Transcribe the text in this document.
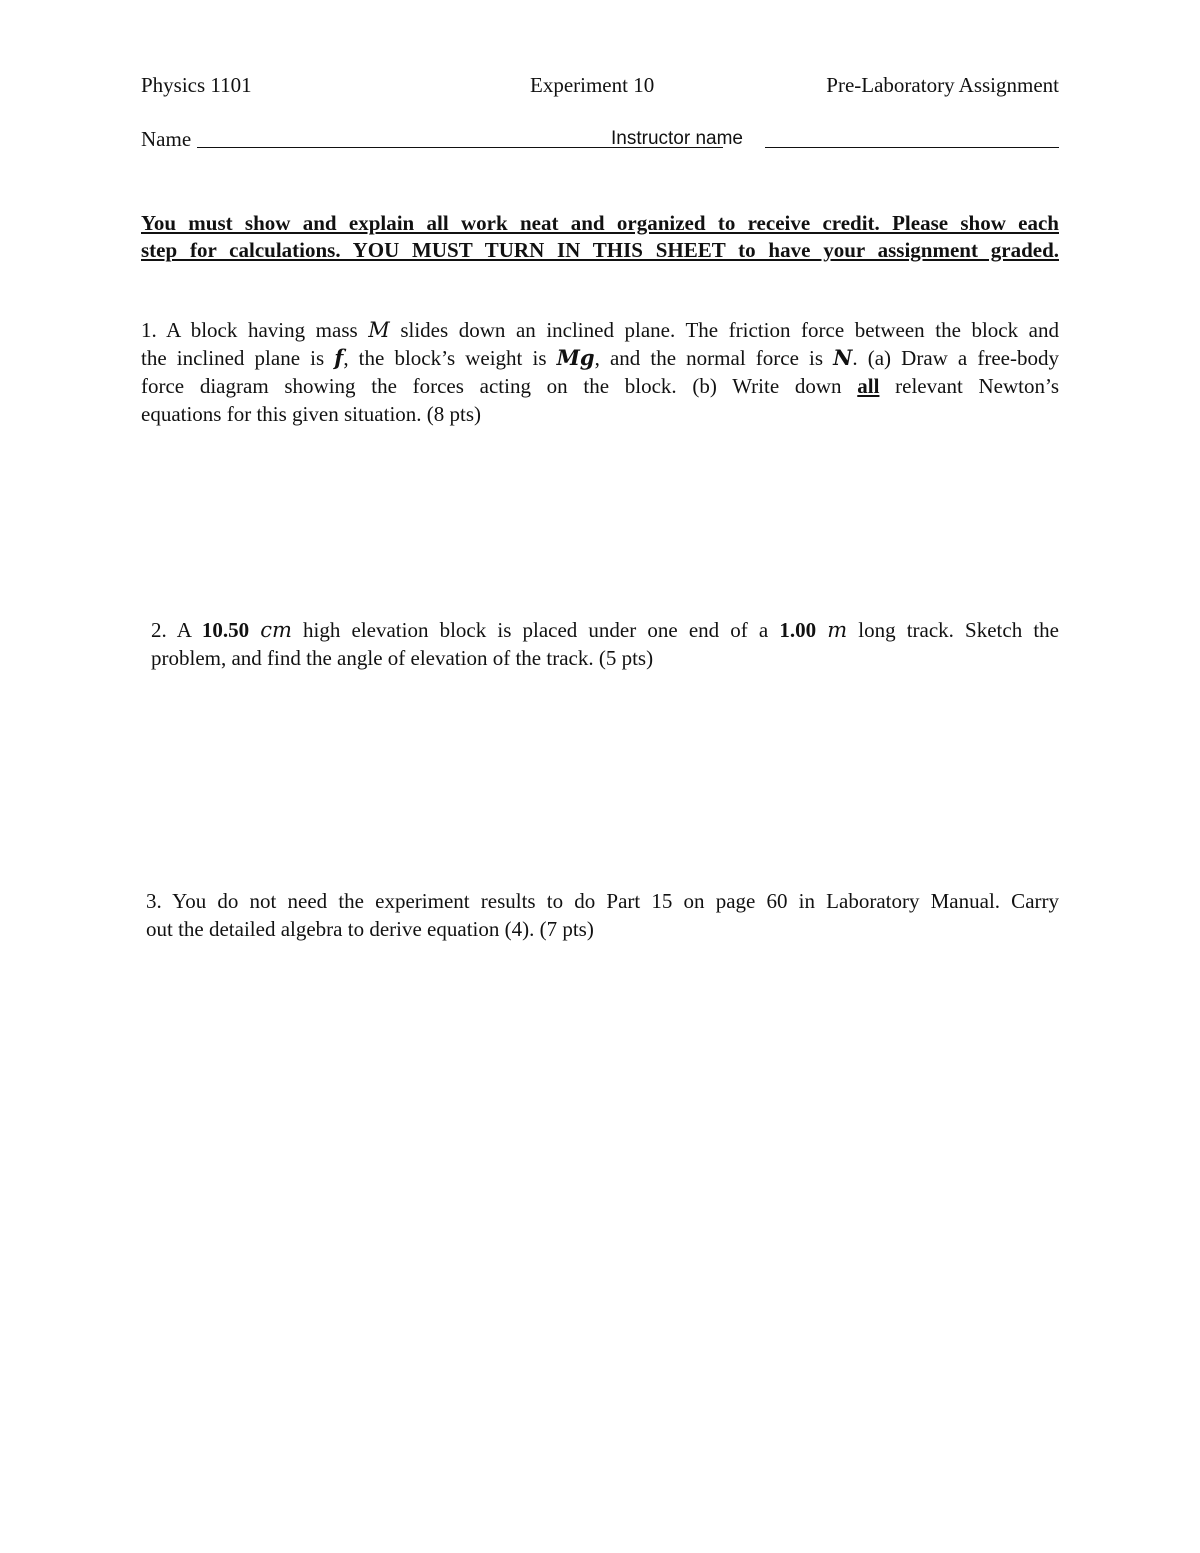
Physics 1101	Experiment 10	Pre-Laboratory Assignment
Name	Instructor name
You must show and explain all work neat and organized to receive credit. Please show each
step for calculations. YOU MUST TURN IN THIS SHEET to have your assignment graded.
1. A block having mass M slides down an inclined plane. The friction force between the block and
the inclined plane is f, the block’s weight is Mg, and the normal force is N. (a) Draw a free-body
force diagram showing the forces acting on the block. (b) Write down all relevant Newton’s
equations for this given situation. (8 pts)
2. A 10.50 cm high elevation block is placed under one end of a 1.00 m long track. Sketch the
problem, and find the angle of elevation of the track. (5 pts)
3. You do not need the experiment results to do Part 15 on page 60 in Laboratory Manual. Carry
out the detailed algebra to derive equation (4). (7 pts)
